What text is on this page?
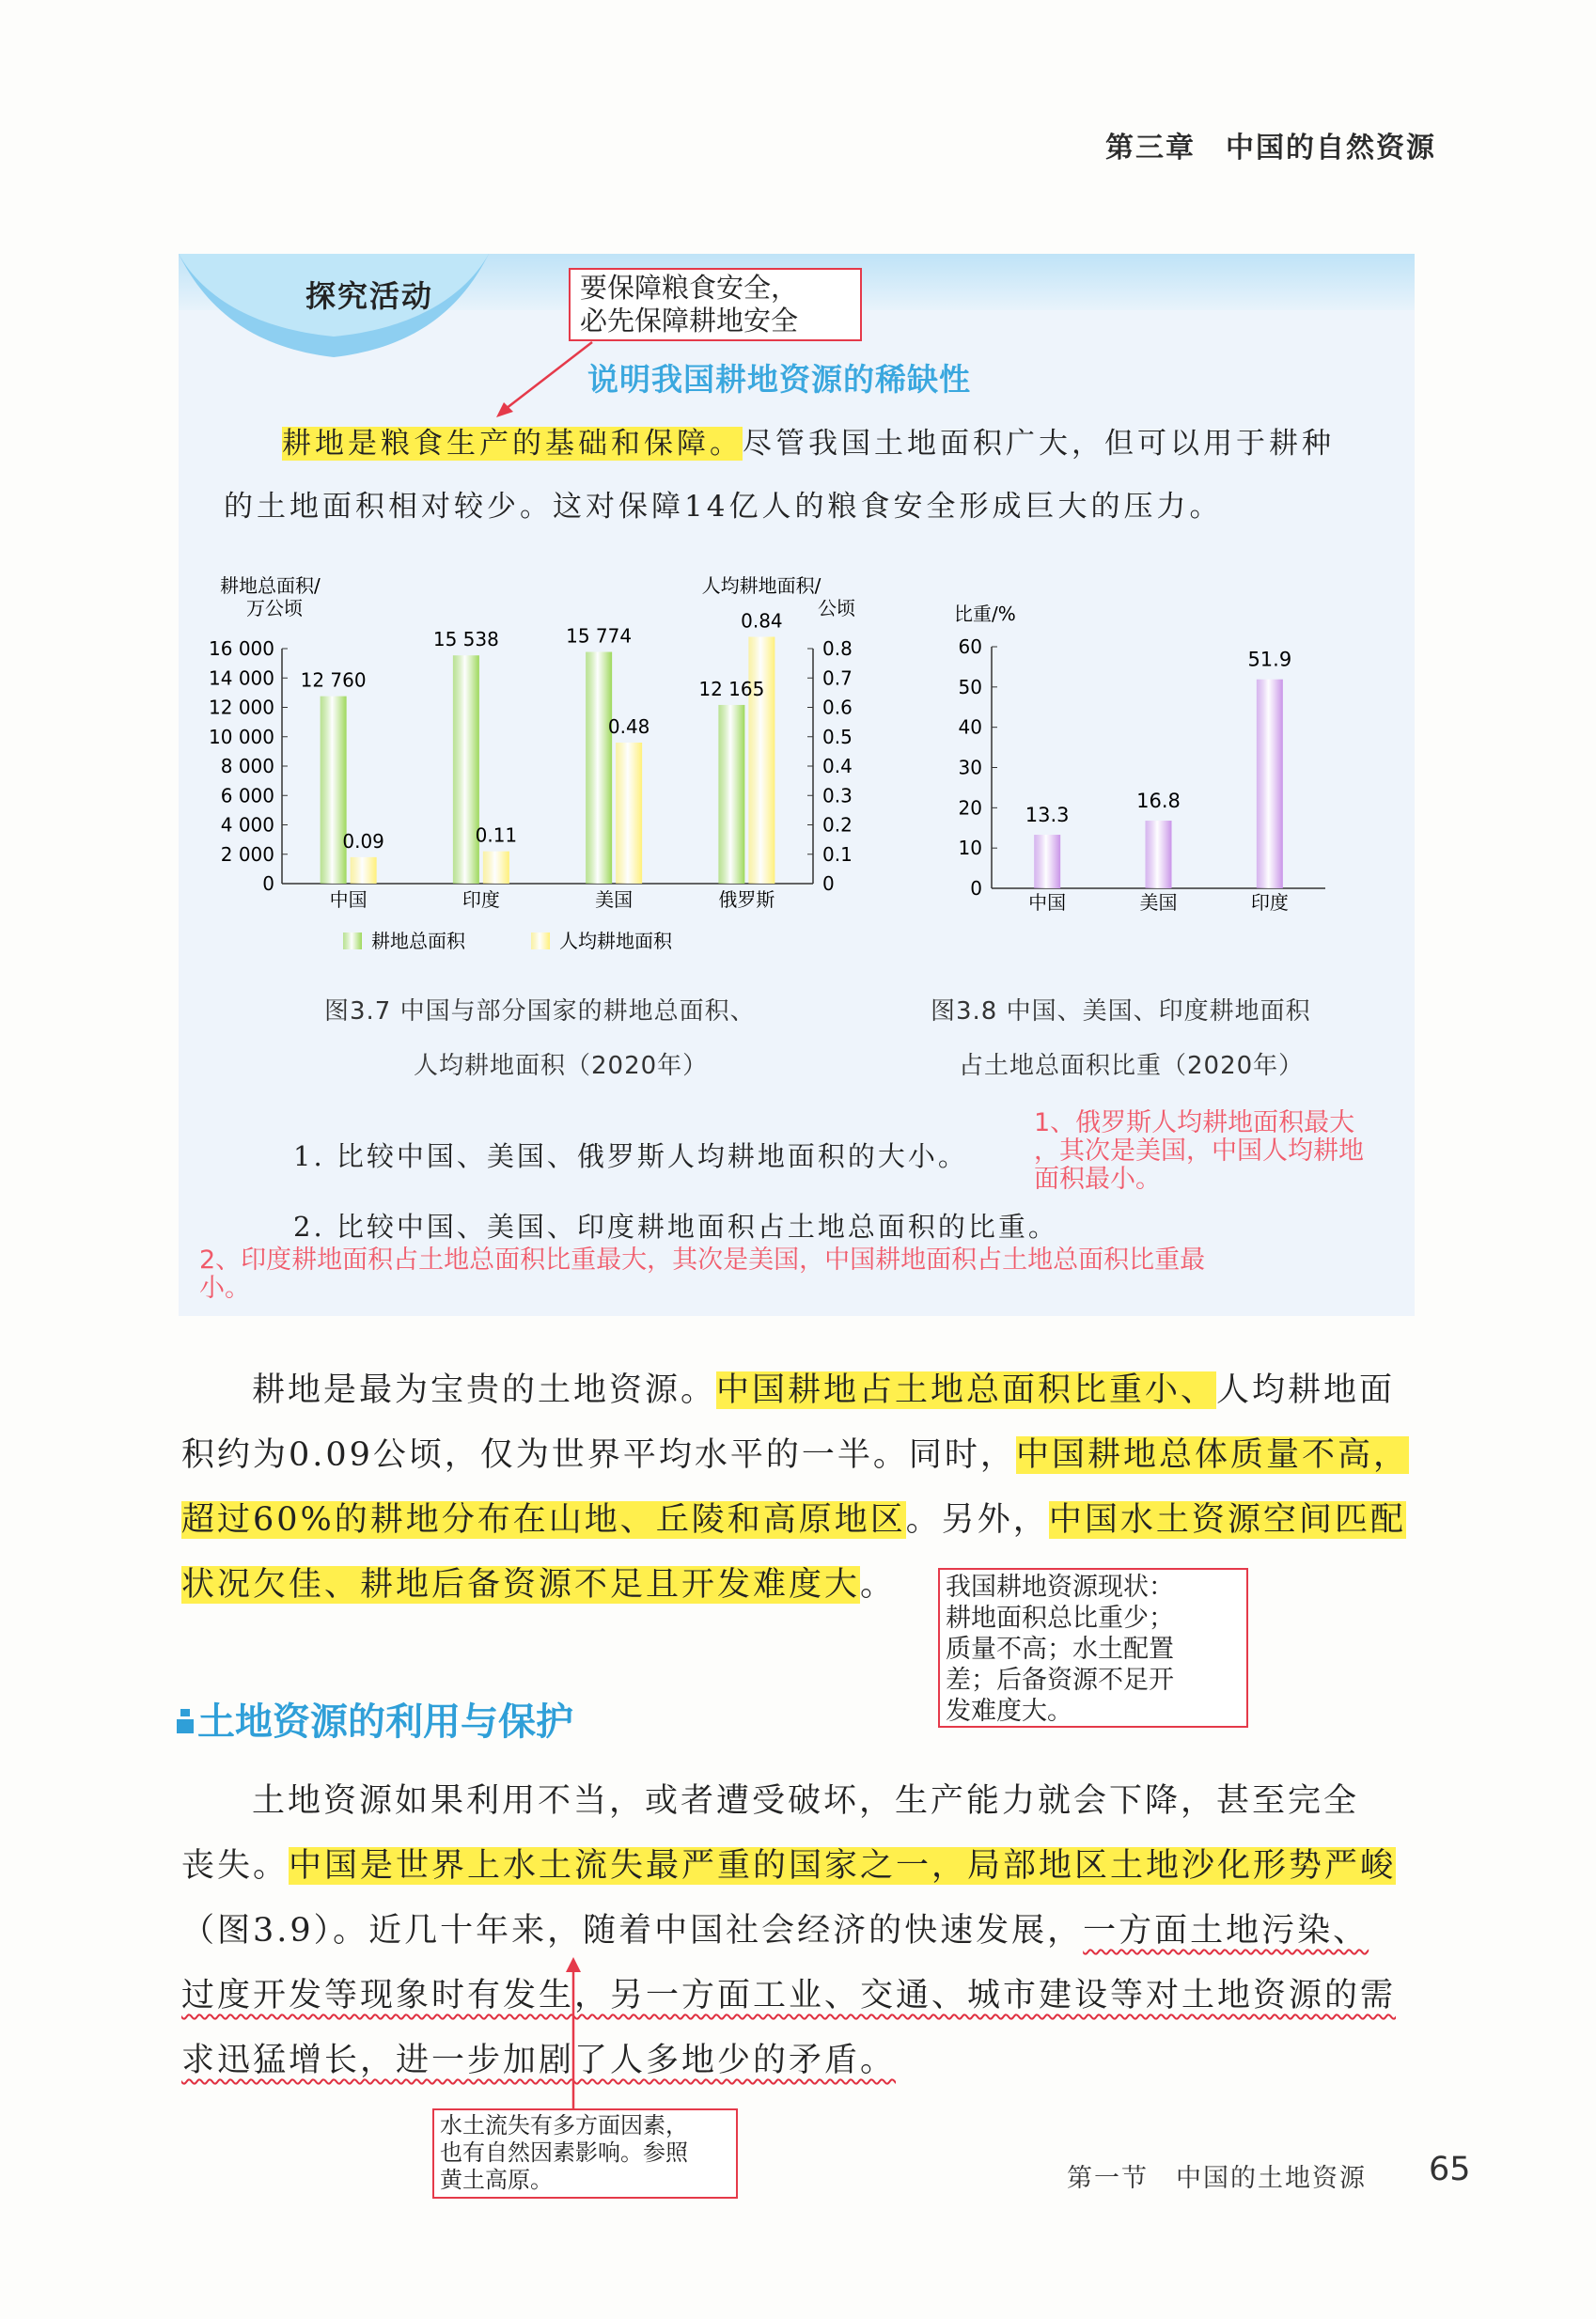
第三章　中国的自然资源
探究活动	要保障粮食安全，
必先保障耕地安全
说明我国耕地资源的稀缺性
耕地是粮食生产的基础和保障。尽管我国土地面积广大，但可以用于耕种
的土地面积相对较少。这对保障14亿人的粮食安全形成巨大的压力。
耕地总面积/
万公顷
人均耕地面积/
公顷
16 000
14 000
12 000
10 000
8 000
6 000
4 000
2 000
0
0.8
0.7
0.6
0.5
0.4
0.3
0.2
0.1
0
12 760
0.09
中国
15 538
0.11
印度
15 774
0.48
美国
12 165
0.84
俄罗斯
耕地总面积	人均耕地面积
图3.7 中国与部分国家的耕地总面积、
人均耕地面积（2020年）
比重/%
60
50
40
30
20
10
0
13.3
中国
16.8
美国
51.9
印度
图3.8 中国、美国、印度耕地面积
占土地总面积比重（2020年）
1. 比较中国、美国、俄罗斯人均耕地面积的大小。
1、俄罗斯人均耕地面积最大
，其次是美国，中国人均耕地
面积最小。
2. 比较中国、美国、印度耕地面积占土地总面积的比重。
2、印度耕地面积占土地总面积比重最大，其次是美国，中国耕地面积占土地总面积比重最
小。
耕地是最为宝贵的土地资源。中国耕地占土地总面积比重小、人均耕地面
积约为0.09公顷，仅为世界平均水平的一半。同时，中国耕地总体质量不高，
超过60%的耕地分布在山地、丘陵和高原地区。另外，中国水土资源空间匹配
状况欠佳、耕地后备资源不足且开发难度大。 我国耕地资源现状：
耕地面积总比重少；
质量不高；水土配置
差；后备资源不足开
发难度大。
土地资源的利用与保护
土地资源如果利用不当，或者遭受破坏，生产能力就会下降，甚至完全
丧失。中国是世界上水土流失最严重的国家之一，局部地区土地沙化形势严峻
（图3.9）。近几十年来，随着中国社会经济的快速发展，一方面土地污染、
过度开发等现象时有发生，另一方面工业、交通、城市建设等对土地资源的需
求迅猛增长，进一步加剧了人多地少的矛盾。
水土流失有多方面因素，
也有自然因素影响。参照
黄土高原。	第一节　中国的土地资源 65
